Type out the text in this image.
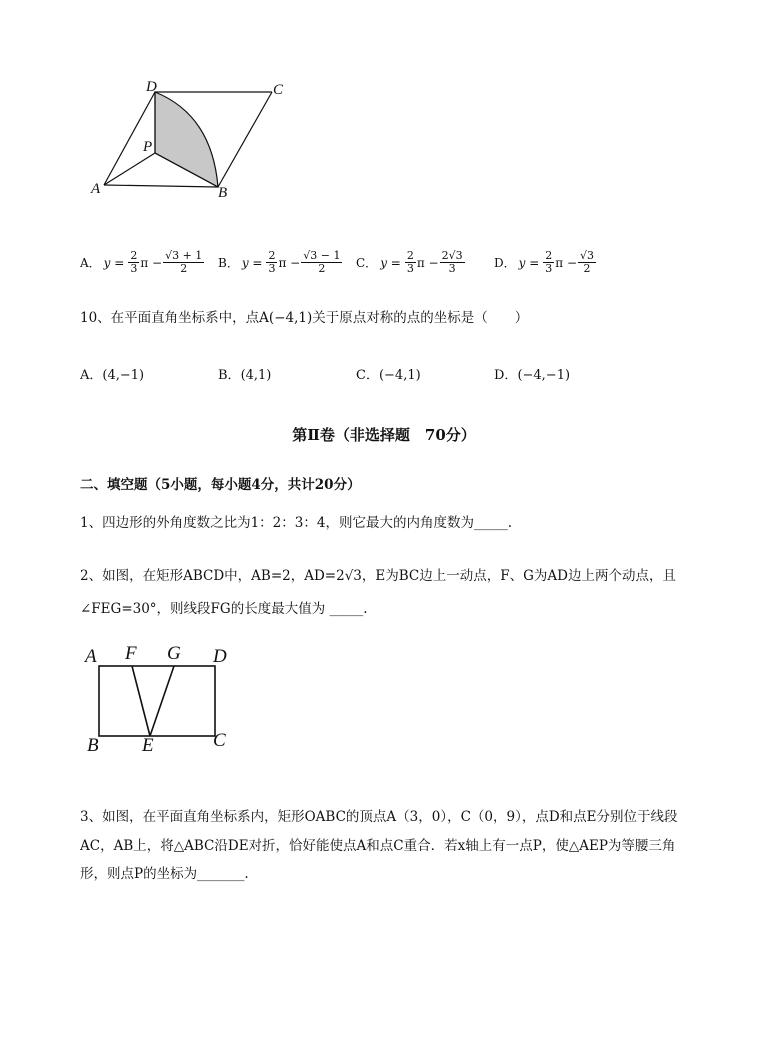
D	C
P
A	B
A． $y = \frac{2}{3}$ $\pi - \frac{√3 + 1}{2}$ B． $y = \frac{2}{3}$ $\pi - \frac{√3 - 1}{2}$ C． $y = \frac{2}{3}$ $\pi - \frac{2√3}{3}$ D． $y = \frac{2}{3}$ $\pi - \frac{√3}{2}$
10、在平面直角坐标系中，点A(−4,1)关于原点对称的点的坐标是（　　）
A． (4,−1)	B． (4,1)	C． (−4,1)	D． (−4,−1)
第Ⅱ卷（非选择题　70分）
二、填空题（5小题，每小题4分，共计20分）
1、四边形的外角度数之比为1：2：3：4，则它最大的内角度数为_____.
2、如图，在矩形ABCD中，AB=2，AD=2√3，E为BC边上一动点，F、G为AD边上两个动点，且
∠FEG=30°，则线段FG的长度最大值为 _____.
A F G D
B E	C
3、如图，在平面直角坐标系内，矩形OABC的顶点A（3，0），C（0，9），点D和点E分别位于线段
AC，AB上，将△ABC沿DE对折，恰好能使点A和点C重合．若x轴上有一点P，使△AEP为等腰三角
形，则点P的坐标为_______.
